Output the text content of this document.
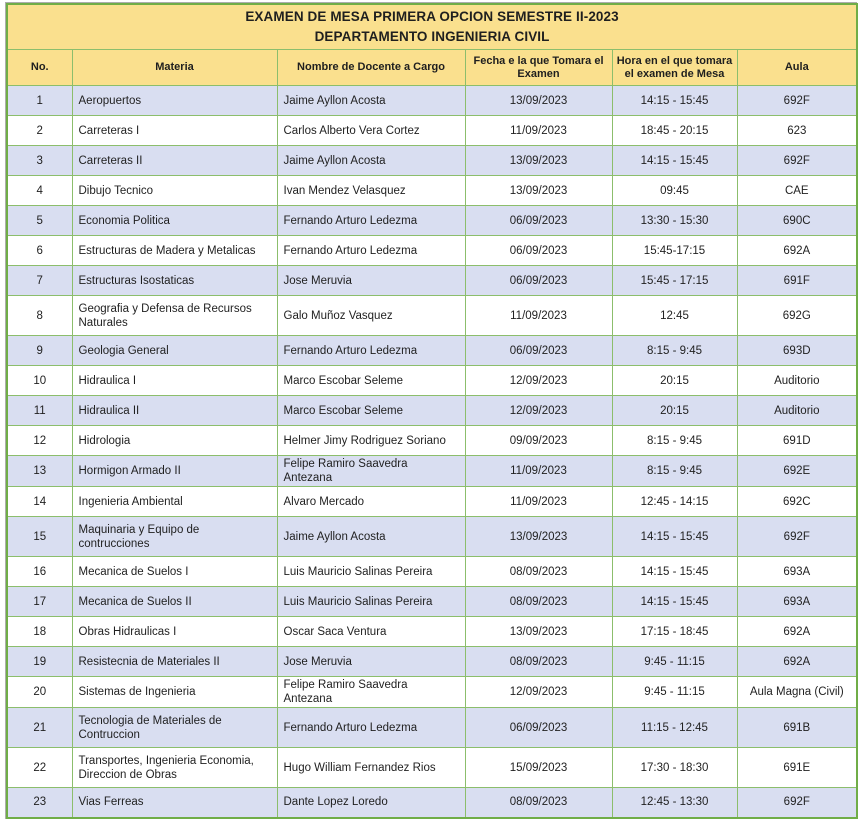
EXAMEN DE MESA PRIMERA OPCION SEMESTRE II-2023
DEPARTAMENTO INGENIERIA CIVIL					

No.	Materia	Nombre de Docente a Cargo	Fecha e la que Tomara el Examen	Hora en el que tomara el examen de Mesa	Aula
1	Aeropuertos	Jaime Ayllon Acosta	13/09/2023	14:15 - 15:45	692F
2	Carreteras I	Carlos Alberto Vera Cortez	11/09/2023	18:45 - 20:15	623
3	Carreteras II	Jaime Ayllon Acosta	13/09/2023	14:15 - 15:45	692F
4	Dibujo Tecnico	Ivan Mendez Velasquez	13/09/2023	09:45	CAE
5	Economia Politica	Fernando Arturo Ledezma	06/09/2023	13:30 - 15:30	690C
6	Estructuras de Madera y Metalicas	Fernando Arturo Ledezma	06/09/2023	15:45-17:15	692A
7	Estructuras Isostaticas	Jose Meruvia	06/09/2023	15:45 - 17:15	691F
8	Geografia y Defensa de Recursos Naturales	Galo Muñoz Vasquez	11/09/2023	12:45	692G
9	Geologia General	Fernando Arturo Ledezma	06/09/2023	8:15 - 9:45	693D
10	Hidraulica I	Marco Escobar Seleme	12/09/2023	20:15	Auditorio
11	Hidraulica II	Marco Escobar Seleme	12/09/2023	20:15	Auditorio
12	Hidrologia	Helmer Jimy Rodriguez Soriano	09/09/2023	8:15 - 9:45	691D
13	Hormigon Armado II	Felipe Ramiro Saavedra Antezana	11/09/2023	8:15 - 9:45	692E
14	Ingenieria Ambiental	Alvaro Mercado	11/09/2023	12:45 - 14:15	692C
15	Maquinaria y Equipo de contrucciones	Jaime Ayllon Acosta	13/09/2023	14:15 - 15:45	692F
16	Mecanica de Suelos I	Luis Mauricio Salinas Pereira	08/09/2023	14:15 - 15:45	693A
17	Mecanica de Suelos II	Luis Mauricio Salinas Pereira	08/09/2023	14:15 - 15:45	693A
18	Obras Hidraulicas I	Oscar Saca Ventura	13/09/2023	17:15 - 18:45	692A
19	Resistecnia de Materiales II	Jose Meruvia	08/09/2023	9:45 - 11:15	692A
20	Sistemas de Ingenieria	Felipe Ramiro Saavedra Antezana	12/09/2023	9:45 - 11:15	Aula Magna (Civil)
21	Tecnologia de Materiales de Contruccion	Fernando Arturo Ledezma	06/09/2023	11:15 - 12:45	691B
22	Transportes, Ingenieria Economia, Direccion de Obras	Hugo William Fernandez Rios	15/09/2023	17:30 - 18:30	691E
23	Vias Ferreas	Dante Lopez Loredo	08/09/2023	12:45 - 13:30	692F
